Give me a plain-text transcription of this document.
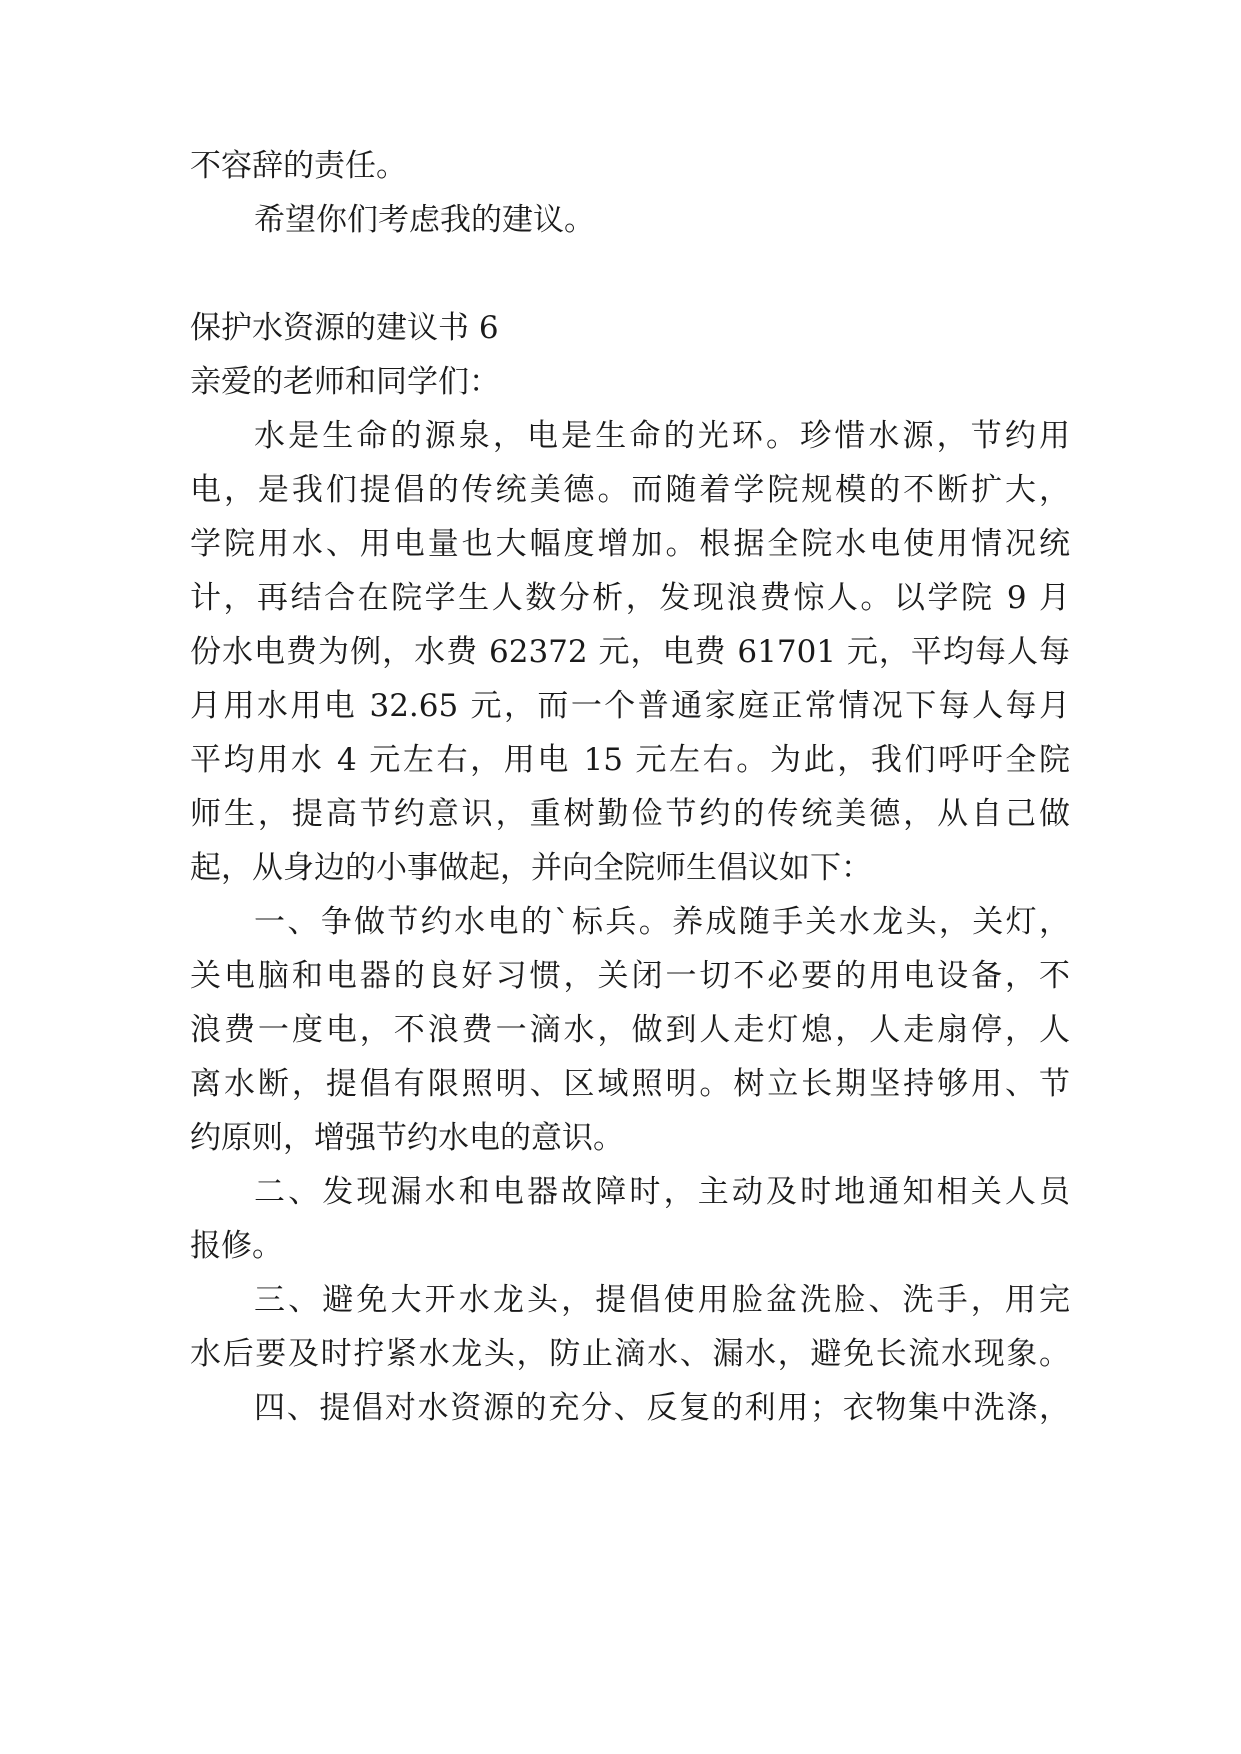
不容辞的责任。
希望你们考虑我的建议。
保护水资源的建议书 6
亲爱的老师和同学们：
水是生命的源泉，电是生命的光环。珍惜水源，节约用
电，是我们提倡的传统美德。而随着学院规模的不断扩大，
学院用水、用电量也大幅度增加。根据全院水电使用情况统
计，再结合在院学生人数分析，发现浪费惊人。以学院 9 月
份水电费为例，水费 62372 元，电费 61701 元，平均每人每
月用水用电 32.65 元，而一个普通家庭正常情况下每人每月
平均用水 4 元左右，用电 15 元左右。为此，我们呼吁全院
师生，提高节约意识，重树勤俭节约的传统美德，从自己做
起，从身边的小事做起，并向全院师生倡议如下：
一、争做节约水电的`标兵。养成随手关水龙头，关灯，
关电脑和电器的良好习惯，关闭一切不必要的用电设备，不
浪费一度电，不浪费一滴水，做到人走灯熄，人走扇停，人
离水断，提倡有限照明、区域照明。树立长期坚持够用、节
约原则，增强节约水电的意识。
二、发现漏水和电器故障时，主动及时地通知相关人员
报修。
三、避免大开水龙头，提倡使用脸盆洗脸、洗手，用完
水后要及时拧紧水龙头，防止滴水、漏水，避免长流水现象。
四、提倡对水资源的充分、反复的利用；衣物集中洗涤，
